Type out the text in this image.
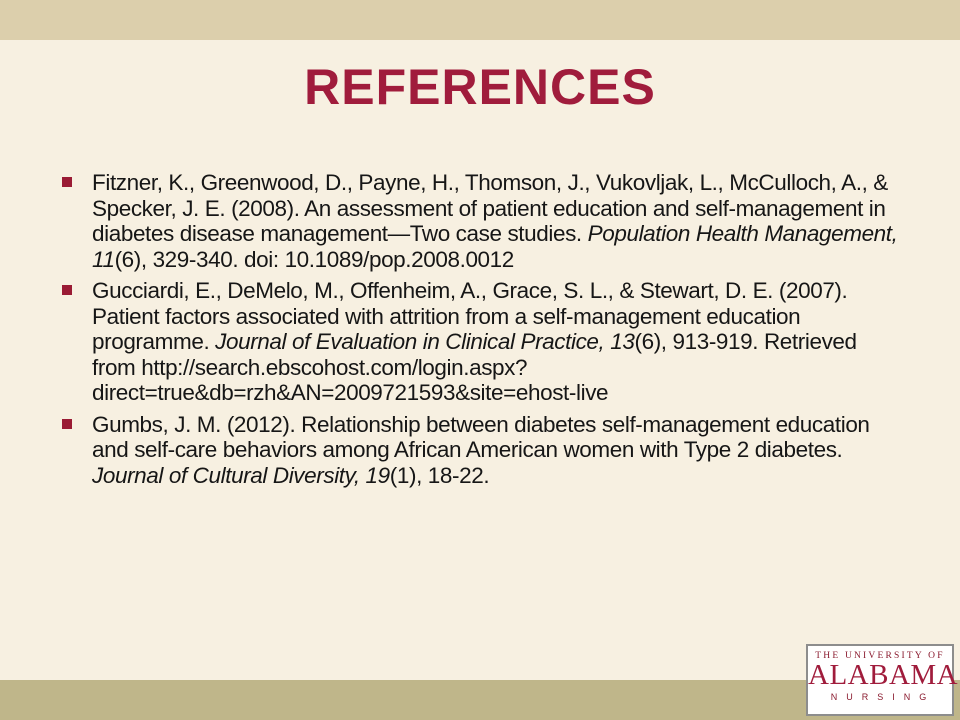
REFERENCES
Fitzner, K., Greenwood, D., Payne, H., Thomson, J., Vukovljak, L., McCulloch, A., & Specker, J. E. (2008). An assessment of patient education and self-management in diabetes disease management—Two case studies. Population Health Management, 11(6), 329-340. doi: 10.1089/pop.2008.0012
Gucciardi, E., DeMelo, M., Offenheim, A., Grace, S. L., & Stewart, D. E. (2007). Patient factors associated with attrition from a self-management education programme. Journal of Evaluation in Clinical Practice, 13(6), 913-919. Retrieved from http://search.ebscohost.com/login.aspx?direct=true&db=rzh&AN=2009721593&site=ehost-live
Gumbs, J. M. (2012). Relationship between diabetes self-management education and self-care behaviors among African American women with Type 2 diabetes. Journal of Cultural Diversity, 19(1), 18-22.
THE UNIVERSITY OF
ALABAMA
NURSING
